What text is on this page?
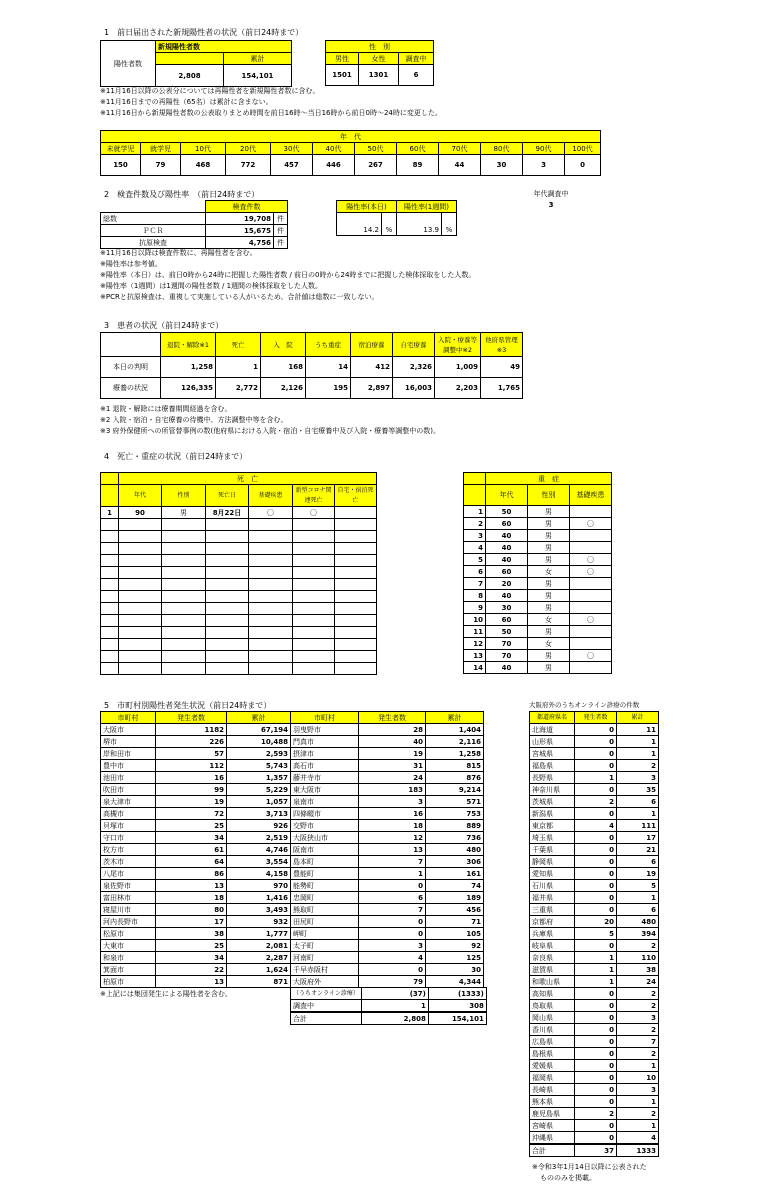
1　前日届出された新規陽性者の状況（前日24時まで）
陽性者数	新規陽性者数	
		累計
	2,808	154,101
性　別		
男性	女性	調査中
1501	1301	6
※11月16日以降の公表分については再陽性者を新規陽性者数に含む。
※11月16日までの再陽性（65名）は累計に含まない。
※11月16日から新規陽性者数の公表取りまとめ時間を前日16時～当日16時から前日0時～24時に変更した。
年　代											
未就学児	就学児	10代	20代	30代	40代	50代	60代	70代	80代	90代	100代
150	79	468	772	457	446	267	89	44	30	3	0
年代調査中
3
2　検査件数及び陽性率　（前日24時まで）
	検査件数	
総数	19,708	件
ＰＣＲ	15,675	件
抗原検査	4,756	件
陽性率(本日)		陽性率(1週間)	
14.2	%	13.9	%
※11月16日以降は検査件数に、再陽性者を含む。
※陽性率は参考値。
※陽性率（本日）は、前日0時から24時に把握した陽性者数 / 前日の0時から24時までに把握した検体採取をした人数。
※陽性率（1週間）は1週間の陽性者数 / 1週間の検体採取をした人数。
※PCRと抗原検査は、重複して実施している人がいるため、合計値は総数に一致しない。
3　患者の状況（前日24時まで）
	退院・解除※1	死亡	入　院	うち重症	宿泊療養	自宅療養	入院・療養等調整中※2	他府県管理※3
本日の判明	1,258	1	168	14	412	2,326	1,009	49
療養の状況	126,335	2,772	2,126	195	2,897	16,003	2,203	1,765
※1 退院・解除には療養期間経過を含む。
※2 入院・宿泊・自宅療養の待機中、方法調整中等を含む。
※3 府外保健所への所管替事例の数(他府県における入院・宿泊・自宅療養中及び入院・療養等調整中の数)。
4　死亡・重症の状況（前日24時まで）
	死　亡					
	年代	性別	死亡日	基礎疾患	新型コロナ関連死亡	自宅・宿泊死亡
1	90	男	8月22日	〇	〇	

	重　症		
	年代	性別	基礎疾患
1	50	男	
2	60	男	〇
3	40	男	
4	40	男	
5	40	男	〇
6	60	女	〇
7	20	男	
8	40	男	
9	30	男	
10	60	女	〇
11	50	男	
12	70	女	
13	70	男	〇
14	40	男	
5　市町村別陽性者発生状況（前日24時まで）
市町村	発生者数	累計	市町村	発生者数	累計
大阪市	1182	67,194	羽曳野市	28	1,404
堺市	226	10,488	門真市	40	2,116
岸和田市	57	2,593	摂津市	19	1,258
豊中市	112	5,743	高石市	31	815
池田市	16	1,357	藤井寺市	24	876
吹田市	99	5,229	東大阪市	183	9,214
泉大津市	19	1,057	泉南市	3	571
高槻市	72	3,713	四條畷市	16	753
貝塚市	25	926	交野市	18	889
守口市	34	2,519	大阪狭山市	12	736
枚方市	61	4,746	阪南市	13	480
茨木市	64	3,554	島本町	7	306
八尾市	86	4,158	豊能町	1	161
泉佐野市	13	970	能勢町	0	74
富田林市	18	1,416	忠岡町	6	189
寝屋川市	80	3,493	熊取町	7	456
河内長野市	17	932	田尻町	0	71
松原市	38	1,777	岬町	0	105
大東市	25	2,081	太子町	3	92
和泉市	34	2,287	河南町	4	125
箕面市	22	1,624	千早赤阪村	0	30
柏原市	13	871	大阪府外	79	4,344
（うちオンライン診療）	(37)	(1333)
調査中	1	308
合計	2,808	154,101
※上記には集団発生による陽性者を含む。
大阪府外のうちオンライン診療の件数
都道府県名	発生者数	累計
北海道	0	11
山形県	0	1
宮城県	0	1
福島県	0	2
長野県	1	3
神奈川県	0	35
茨城県	2	6
新潟県	0	1
東京都	4	111
埼玉県	0	17
千葉県	0	21
静岡県	0	6
愛知県	0	19
石川県	0	5
福井県	0	1
三重県	0	6
京都府	20	480
兵庫県	5	394
岐阜県	0	2
奈良県	1	110
滋賀県	1	38
和歌山県	1	24
高知県	0	2
鳥取県	0	2
岡山県	0	3
香川県	0	2
広島県	0	7
島根県	0	2
愛媛県	0	1
福岡県	0	10
長崎県	0	3
熊本県	0	1
鹿児島県	2	2
宮崎県	0	1
沖縄県	0	4
合計	37	1333
※令和3年1月14日以降に公表された
もののみを掲載。
